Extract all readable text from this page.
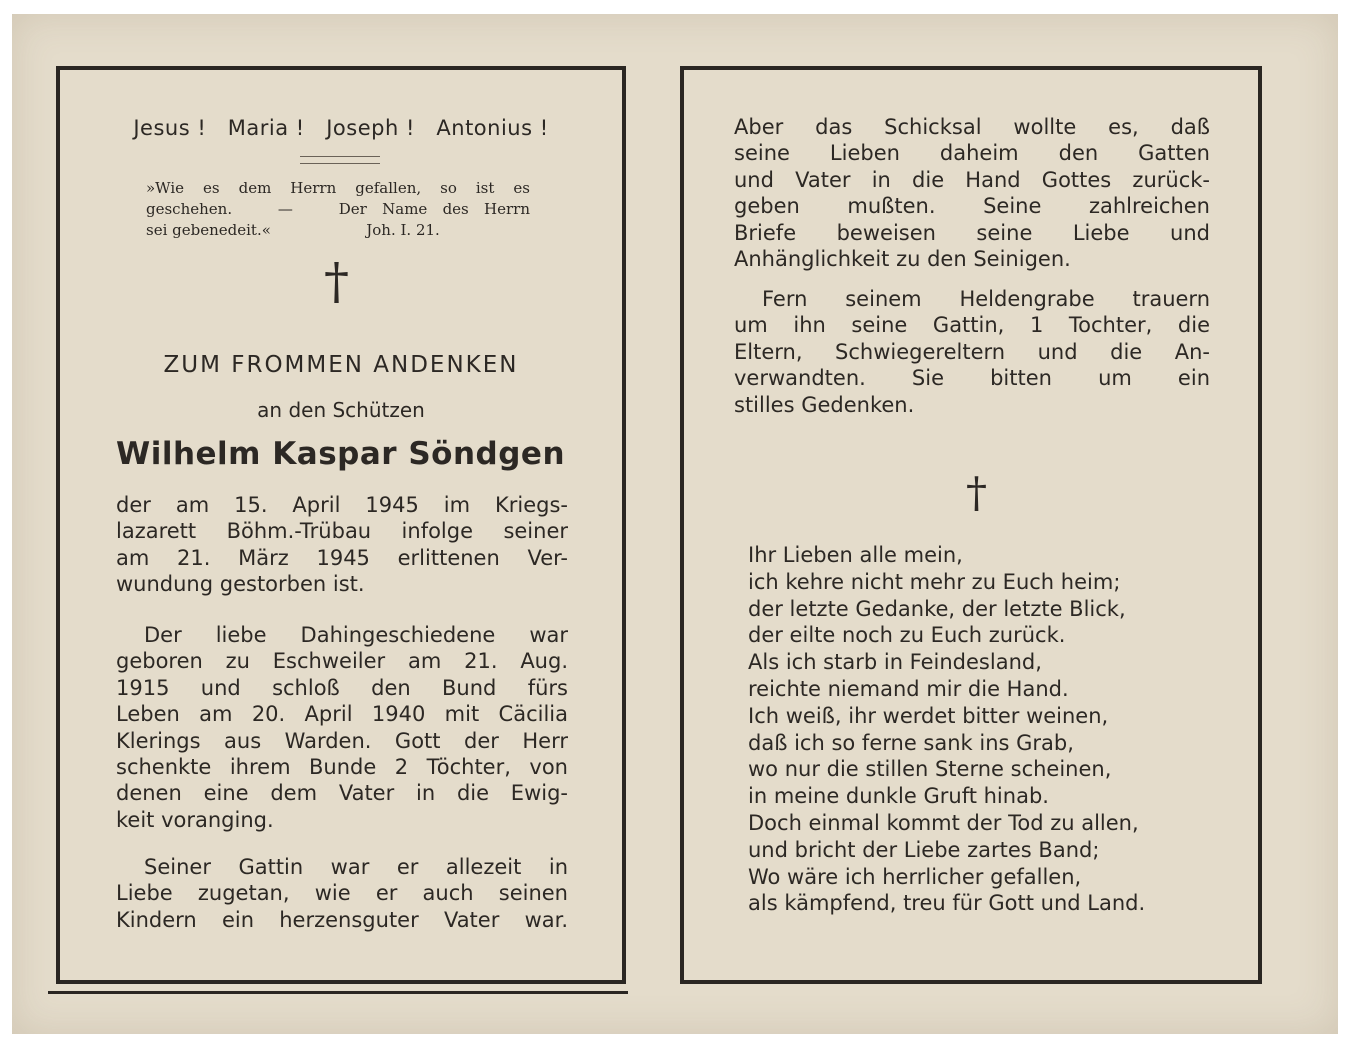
Jesus !   Maria !   Joseph !   Antonius !
»Wie es dem Herrn gefallen, so ist es
geschehen.   —   Der Name des Herrn
sei gebenedeit.«                    Joh. I. 21.
†
ZUM FROMMEN ANDENKEN
an den Schützen
Wilhelm Kaspar Söndgen
der am 15. April 1945 im Kriegs-
lazarett Böhm.-Trübau infolge seiner
am 21. März 1945 erlittenen Ver-
wundung gestorben ist.
Der liebe Dahingeschiedene war
geboren zu Eschweiler am 21. Aug.
1915 und schloß den Bund fürs
Leben am 20. April 1940 mit Cäcilia
Klerings aus Warden. Gott der Herr
schenkte ihrem Bunde 2 Töchter, von
denen eine dem Vater in die Ewig-
keit voranging.
Seiner Gattin war er allezeit in
Liebe zugetan, wie er auch seinen
Kindern ein herzensguter Vater war.
Aber das Schicksal wollte es, daß
seine Lieben daheim den Gatten
und Vater in die Hand Gottes zurück-
geben mußten. Seine zahlreichen
Briefe beweisen seine Liebe und
Anhänglichkeit zu den Seinigen.
Fern seinem Heldengrabe trauern
um ihn seine Gattin, 1 Tochter, die
Eltern, Schwiegereltern und die An-
verwandten. Sie bitten um ein
stilles Gedenken.
†
Ihr Lieben alle mein,
ich kehre nicht mehr zu Euch heim;
der letzte Gedanke, der letzte Blick,
der eilte noch zu Euch zurück.
Als ich starb in Feindesland,
reichte niemand mir die Hand.
Ich weiß, ihr werdet bitter weinen,
daß ich so ferne sank ins Grab,
wo nur die stillen Sterne scheinen,
in meine dunkle Gruft hinab.
Doch einmal kommt der Tod zu allen,
und bricht der Liebe zartes Band;
Wo wäre ich herrlicher gefallen,
als kämpfend, treu für Gott und Land.
